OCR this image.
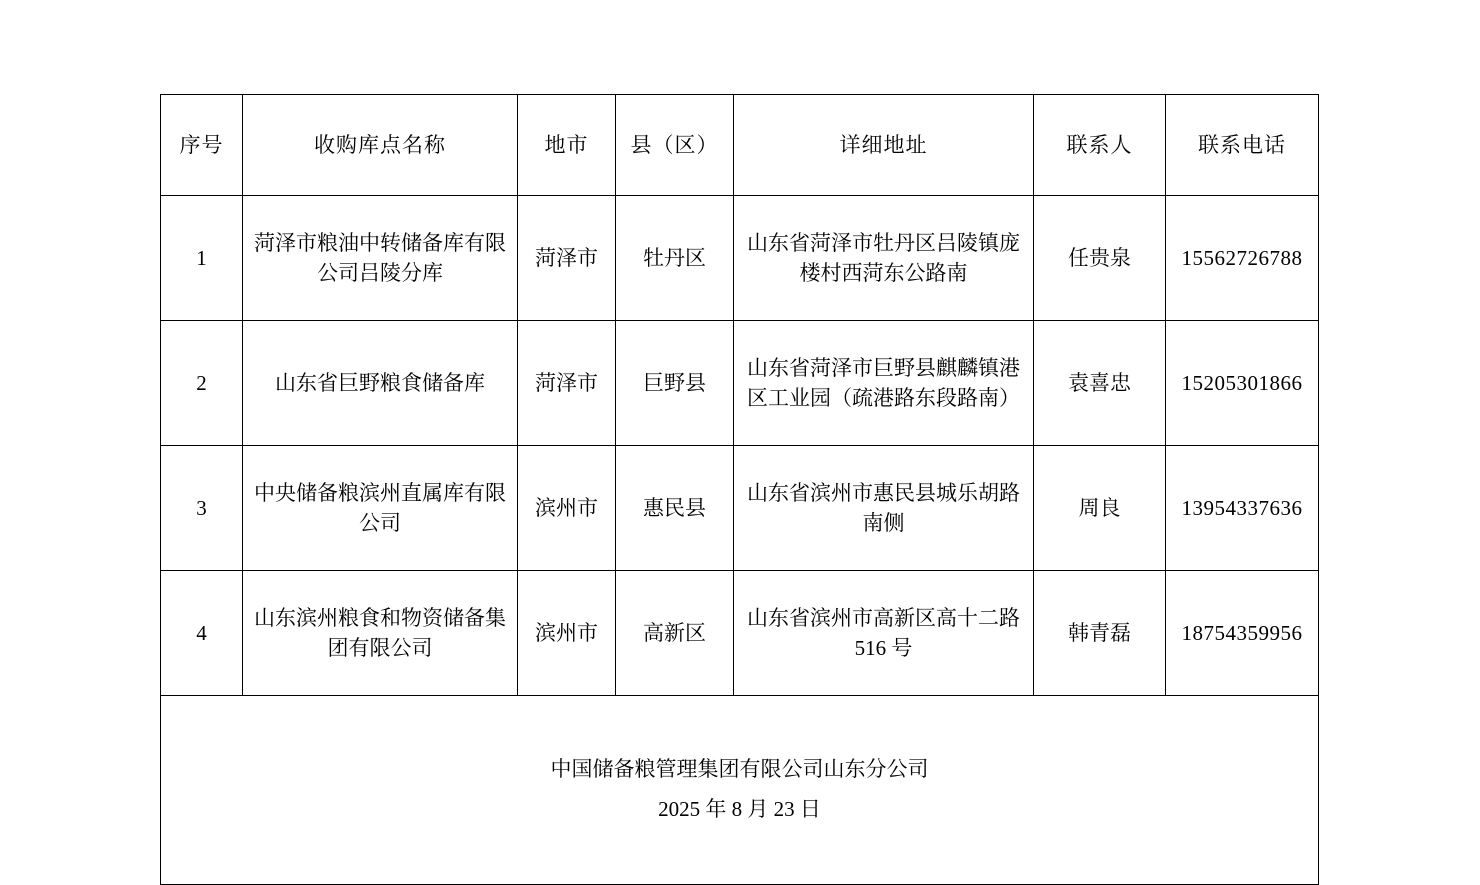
序号	收购库点名称	地市	县（区）	详细地址	联系人	联系电话
1	菏泽市粮油中转储备库有限公司吕陵分库	菏泽市	牡丹区	山东省菏泽市牡丹区吕陵镇庞楼村西菏东公路南	任贵泉	15562726788
2	山东省巨野粮食储备库	菏泽市	巨野县	山东省菏泽市巨野县麒麟镇港区工业园（疏港路东段路南）	袁喜忠	15205301866
3	中央储备粮滨州直属库有限公司	滨州市	惠民县	山东省滨州市惠民县城乐胡路南侧	周良	13954337636
4	山东滨州粮食和物资储备集团有限公司	滨州市	高新区	山东省滨州市高新区高十二路 516 号	韩青磊	18754359956

中国储备粮管理集团有限公司山东分公司
2025 年 8 月 23 日						
